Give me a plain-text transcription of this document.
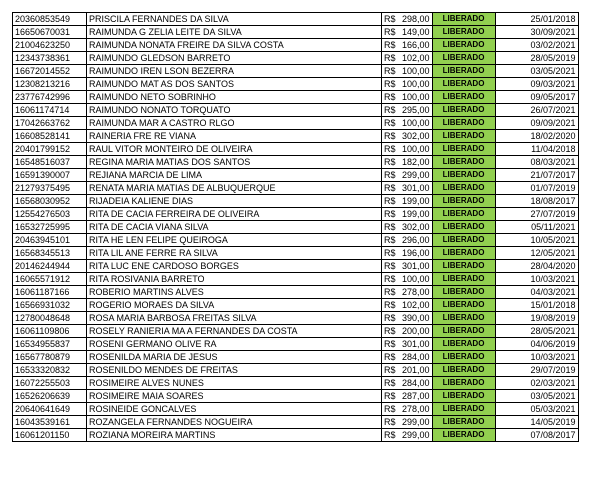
20360853549	PRISCILA FERNANDES DA SILVA	R$	298,00	LIBERADO	25/01/2018
16650670031	RAIMUNDA G ZELIA LEITE DA SILVA	R$	149,00	LIBERADO	30/09/2021
21004623250	RAIMUNDA NONATA FREIRE DA SILVA COSTA	R$	166,00	LIBERADO	03/02/2021
12343738361	RAIMUNDO GLEDSON BARRETO	R$	102,00	LIBERADO	28/05/2019
16672014552	RAIMUNDO IREN LSON BEZERRA	R$	100,00	LIBERADO	03/05/2021
12308213216	RAIMUNDO MAT AS DOS SANTOS	R$	100,00	LIBERADO	09/03/2021
23776742996	RAIMUNDO NETO SOBRINHO	R$	100,00	LIBERADO	09/05/2017
16061174714	RAIMUNDO NONATO TORQUATO	R$	295,00	LIBERADO	26/07/2021
17042663762	RAIMUNDA MAR A CASTRO RLGO	R$	100,00	LIBERADO	09/09/2021
16608528141	RAINERIA FRE RE VIANA	R$	302,00	LIBERADO	18/02/2020
20401799152	RAUL VITOR MONTEIRO DE OLIVEIRA	R$	100,00	LIBERADO	11/04/2018
16548516037	REGINA MARIA MATIAS DOS SANTOS	R$	182,00	LIBERADO	08/03/2021
16591390007	REJIANA MARCIA DE LIMA	R$	299,00	LIBERADO	21/07/2017
21279375495	RENATA MARIA MATIAS DE ALBUQUERQUE	R$	301,00	LIBERADO	01/07/2019
16568030952	RIJADEIA KALIENE DIAS	R$	199,00	LIBERADO	18/08/2017
12554276503	RITA DE CACIA FERREIRA DE OLIVEIRA	R$	199,00	LIBERADO	27/07/2019
16532725995	RITA DE CACIA VIANA SILVA	R$	302,00	LIBERADO	05/11/2021
20463945101	RITA HE LEN FELIPE QUEIROGA	R$	296,00	LIBERADO	10/05/2021
16568345513	RITA LIL ANE FERRE RA SILVA	R$	196,00	LIBERADO	12/05/2021
20146244944	RITA LUC ENE CARDOSO BORGES	R$	301,00	LIBERADO	28/04/2020
16065571912	RITA ROSIVANIA BARRETO	R$	100,00	LIBERADO	10/03/2021
16061187166	ROBERIO MARTINS ALVES	R$	278,00	LIBERADO	04/03/2021
16566931032	ROGERIO MORAES DA SILVA	R$	102,00	LIBERADO	15/01/2018
12780048648	ROSA MARIA BARBOSA FREITAS SILVA	R$	390,00	LIBERADO	19/08/2019
16061109806	ROSELY RANIERIA MA A FERNANDES DA COSTA	R$	200,00	LIBERADO	28/05/2021
16534955837	ROSENI GERMANO OLIVE RA	R$	301,00	LIBERADO	04/06/2019
16567780879	ROSENILDA MARIA DE JESUS	R$	284,00	LIBERADO	10/03/2021
16533320832	ROSENILDO MENDES DE FREITAS	R$	201,00	LIBERADO	29/07/2019
16072255503	ROSIMEIRE ALVES NUNES	R$	284,00	LIBERADO	02/03/2021
16526206639	ROSIMEIRE MAIA SOARES	R$	287,00	LIBERADO	03/05/2021
20640641649	ROSINEIDE GONCALVES	R$	278,00	LIBERADO	05/03/2021
16043539161	ROZANGELA FERNANDES NOGUEIRA	R$	299,00	LIBERADO	14/05/2019
16061201150	ROZIANA MOREIRA MARTINS	R$	299,00	LIBERADO	07/08/2017
